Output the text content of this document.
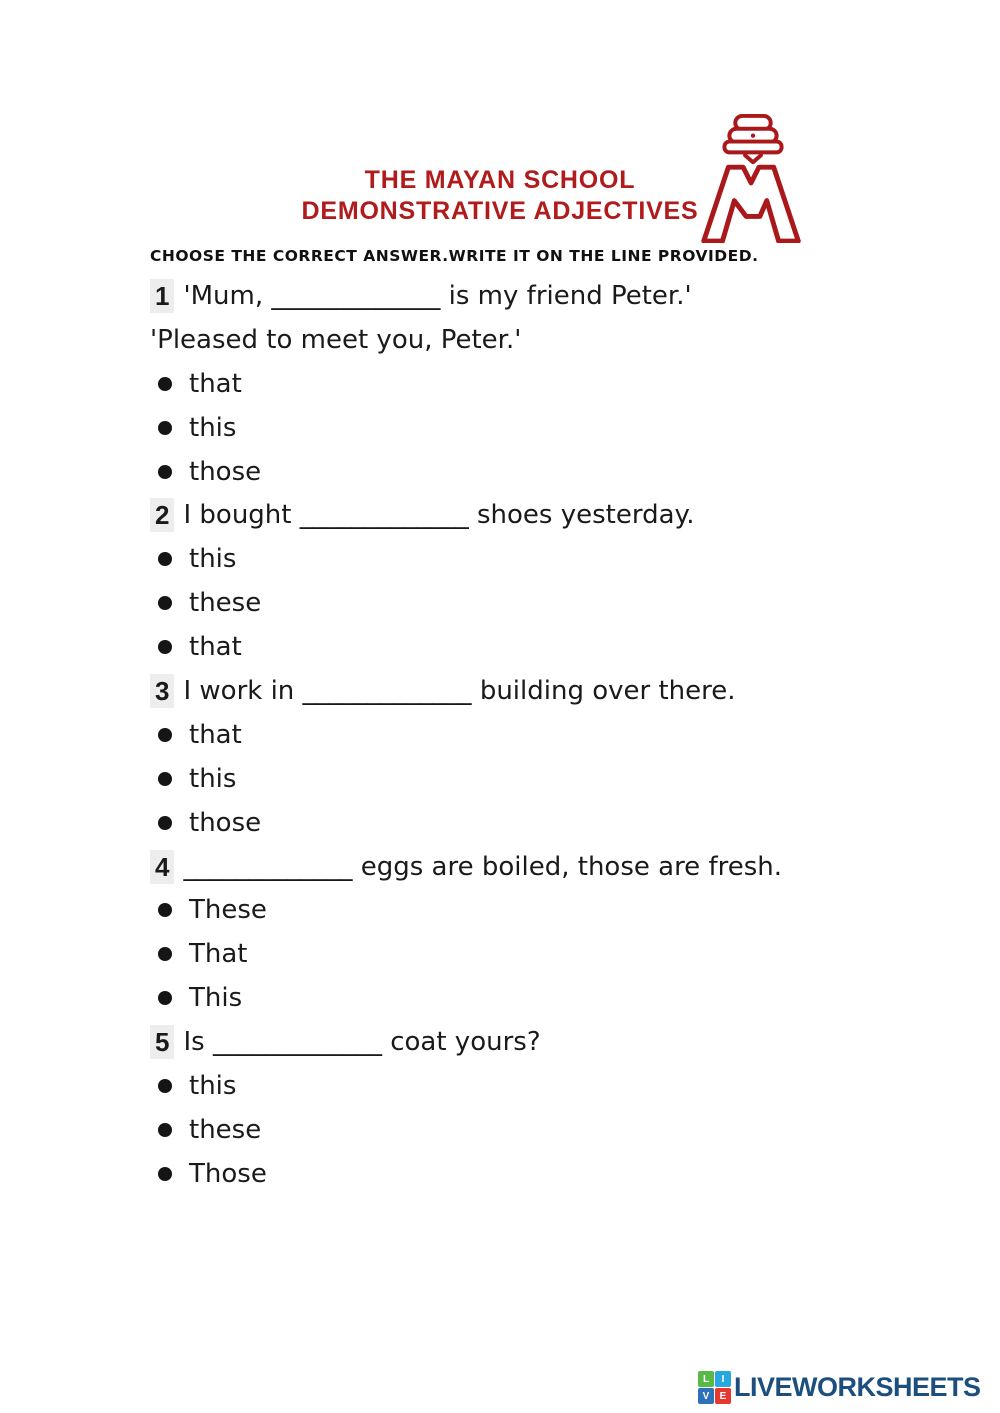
THE MAYAN SCHOOL
DEMONSTRATIVE ADJECTIVES
CHOOSE THE CORRECT ANSWER.WRITE IT ON THE LINE PROVIDED.
1 'Mum, _____________ is my friend Peter.'
'Pleased to meet you, Peter.'
that
this
those
2 I bought _____________ shoes yesterday.
this
these
that
3 I work in _____________ building over there.
that
this
those
4 _____________ eggs are boiled, those are fresh.
These
That
This
5 Is _____________ coat yours?
this
these
Those
L	I
V	E LIVEWORKSHEETS
